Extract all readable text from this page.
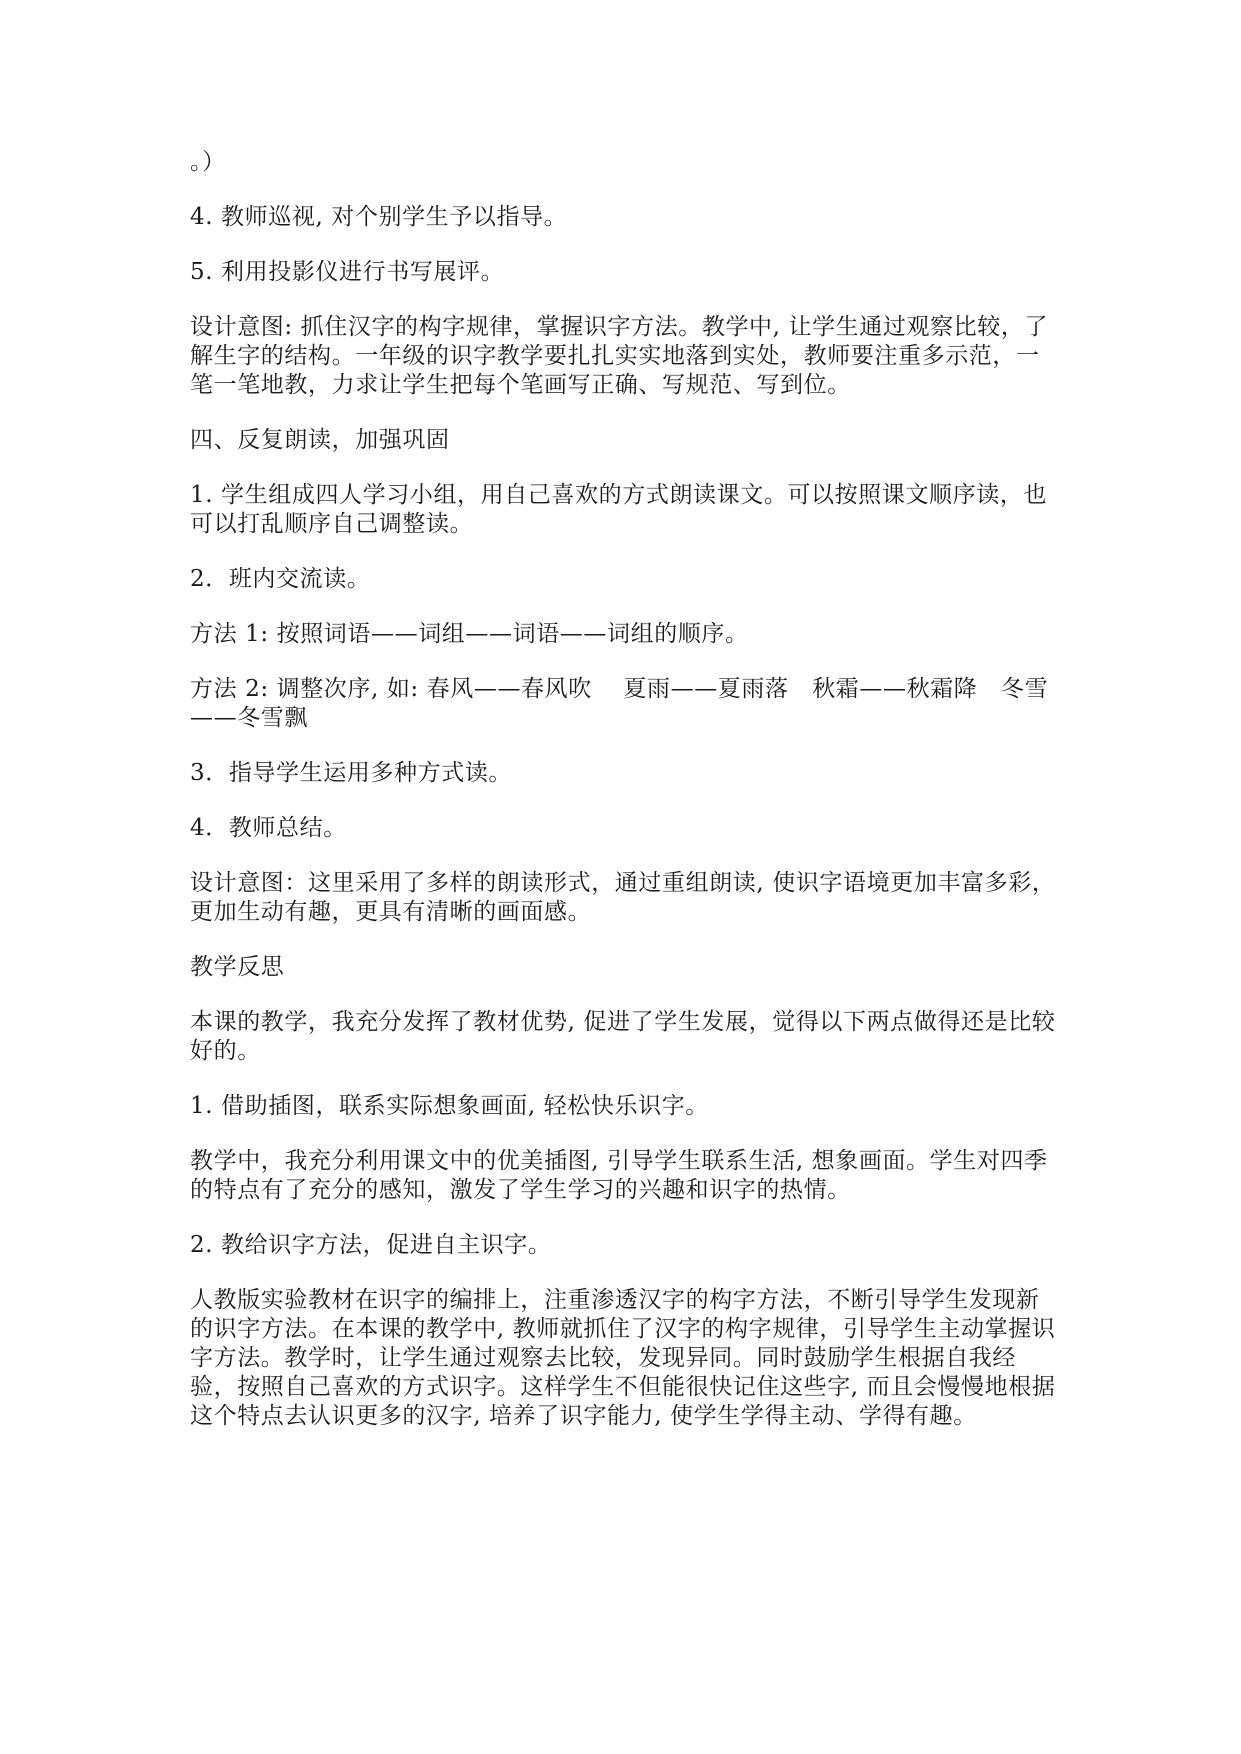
。）

4. 教师巡视, 对个别学生予以指导。

5. 利用投影仪进行书写展评。

设计意图: 抓住汉字的构字规律，掌握识字方法。教学中, 让学生通过观察比较，了解生字的结构。一年级的识字教学要扎扎实实地落到实处，教师要注重多示范，一笔一笔地教，力求让学生把每个笔画写正确、写规范、写到位。

四、反复朗读，加强巩固

1. 学生组成四人学习小组，用自己喜欢的方式朗读课文。可以按照课文顺序读，也可以打乱顺序自己调整读。

2．班内交流读。

方法 1: 按照词语——词组——词语——词组的顺序。

方法 2: 调整次序, 如: 春风——春风吹　 夏雨——夏雨落　秋霜——秋霜降　冬雪——冬雪飘

3．指导学生运用多种方式读。

4．教师总结。

设计意图：这里采用了多样的朗读形式，通过重组朗读, 使识字语境更加丰富多彩，更加生动有趣，更具有清晰的画面感。

教学反思

本课的教学，我充分发挥了教材优势, 促进了学生发展，觉得以下两点做得还是比较好的。

1. 借助插图，联系实际想象画面, 轻松快乐识字。

教学中，我充分利用课文中的优美插图, 引导学生联系生活, 想象画面。学生对四季的特点有了充分的感知，激发了学生学习的兴趣和识字的热情。

2. 教给识字方法，促进自主识字。

人教版实验教材在识字的编排上，注重渗透汉字的构字方法，不断引导学生发现新的识字方法。在本课的教学中, 教师就抓住了汉字的构字规律，引导学生主动掌握识字方法。教学时，让学生通过观察去比较，发现异同。同时鼓励学生根据自我经验，按照自己喜欢的方式识字。这样学生不但能很快记住这些字, 而且会慢慢地根据这个特点去认识更多的汉字, 培养了识字能力, 使学生学得主动、学得有趣。
